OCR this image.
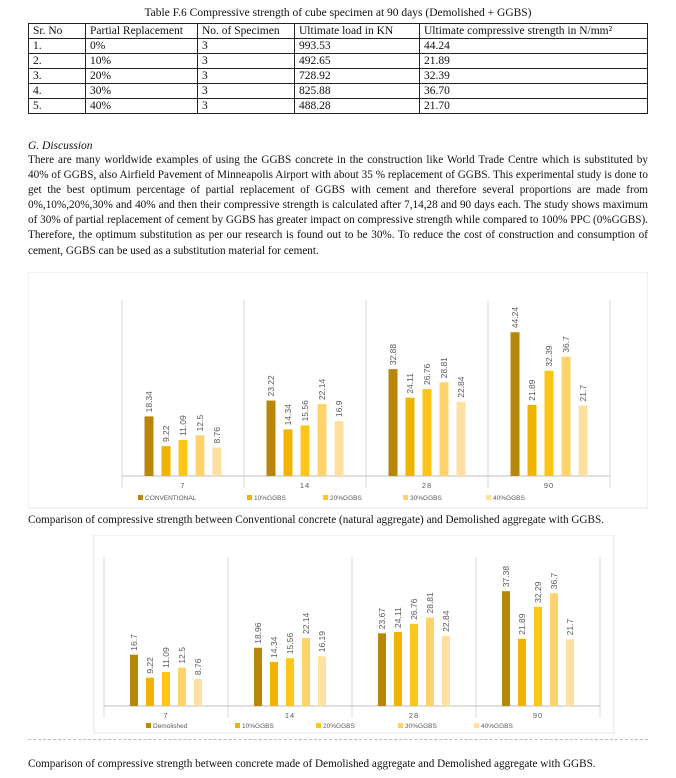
Table F.6 Compressive strength of cube specimen at 90 days (Demolished + GGBS)
Sr. No	Partial Replacement	No. of Specimen	Ultimate load in KN	Ultimate compressive strength in N/mm²
1.	0%	3	993.53	44.24
2.	10%	3	492.65	21.89
3.	20%	3	728.92	32.39
4.	30%	3	825.88	36.70
5.	40%	3	488.28	21.70
G. Discussion
There are many worldwide examples of using the GGBS concrete in the construction like World Trade Centre which is substituted by 40% of GGBS, also Airfield Pavement of Minneapolis Airport with about 35 % replacement of GGBS. This experimental study is done to get the best optimum percentage of partial replacement of GGBS with cement and therefore several proportions are made from 0%,10%,20%,30% and 40% and then their compressive strength is calculated after 7,14,28 and 90 days each. The study shows maximum of 30% of partial replacement of cement by GGBS has greater impact on compressive strength while compared to 100% PPC (0%GGBS). Therefore, the optimum substitution as per our research is found out to be 30%. To reduce the cost of construction and consumption of cement, GGBS can be used as a substitution material for cement.
18.34
9.22 11.09 12.5
8.76
7
23.22
14.34 15.56
22.14
16.9
14
32.88
24.11 26.76 28.81
22.84
28
44.24
21.89
32.39
36.7
21.7
90
CONVENTIONAL	10%GGBS	20%GGBS	30%GGBS	40%GGBS
Comparison of compressive strength between Conventional concrete (natural aggregate) and Demolished aggregate with GGBS.
16.7
9.22 11.09 12.5
8.76
7
18.96
14.34 15.56
22.14
16.19
14
23.67 24.11 26.76 28.81
22.84
28
37.38
21.89
32.29
36.7
21.7
90
Demolished	10%GGBS	20%GGBS	30%GGBS	40%GGBS
Comparison of compressive strength between concrete made of Demolished aggregate and Demolished aggregate with GGBS.
